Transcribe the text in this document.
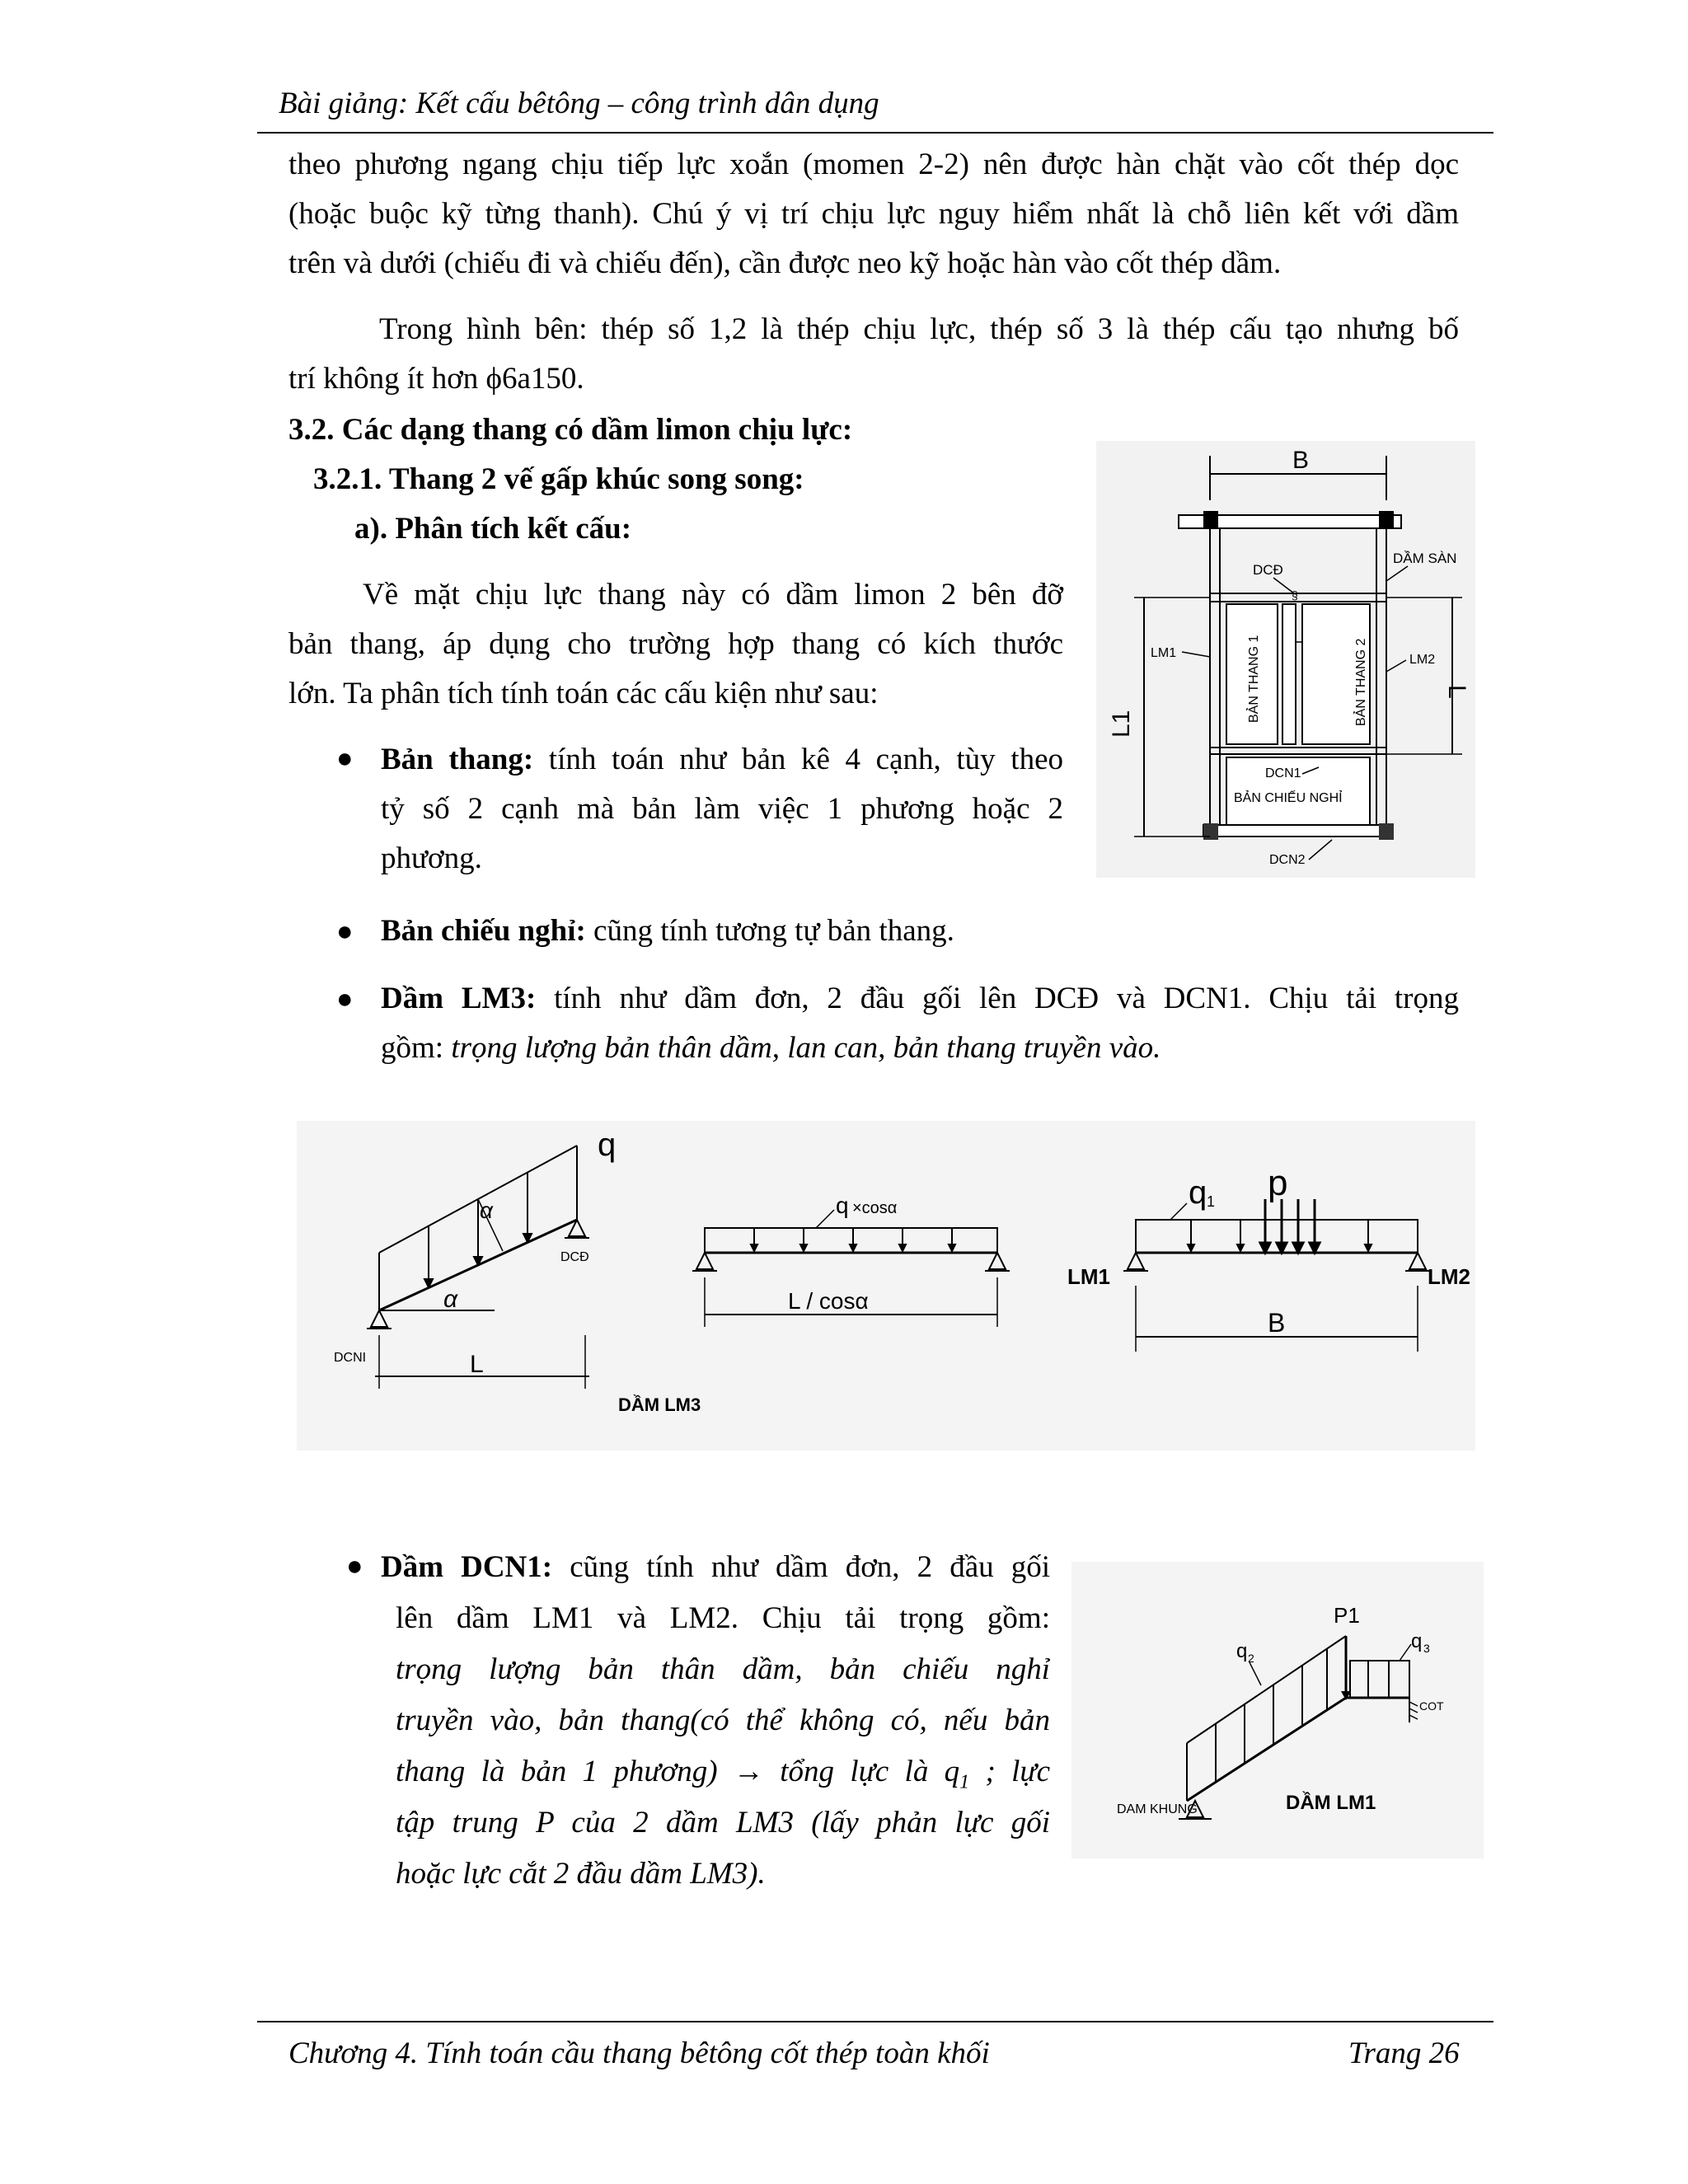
Bài giảng: Kết cấu bêtông – công trình dân dụng
theo phương ngang chịu tiếp lực xoắn (momen 2-2) nên được hàn chặt vào cốt thép dọc
(hoặc buộc kỹ từng thanh). Chú ý vị trí chịu lực nguy hiểm nhất là chỗ liên kết với dầm
trên và dưới (chiếu đi và chiếu đến), cần được neo kỹ hoặc hàn vào cốt thép dầm.
Trong hình bên: thép số 1,2 là thép chịu lực, thép số 3 là thép cấu tạo nhưng bố
trí không ít hơn ϕ6a150.
3.2. Các dạng thang có dầm limon chịu lực:
3.2.1. Thang 2 vế gấp khúc song song:
a). Phân tích kết cấu:
Về mặt chịu lực thang này có dầm limon 2 bên đỡ
bản thang, áp dụng cho trường hợp thang có kích thước
lớn. Ta phân tích tính toán các cấu kiện như sau:
● Bản thang: tính toán như bản kê 4 cạnh, tùy theo
tỷ số 2 cạnh mà bản làm việc 1 phương hoặc 2
phương.
● Bản chiếu nghỉ: cũng tính tương tự bản thang.
● Dầm LM3: tính như dầm đơn, 2 đầu gối lên DCĐ và DCN1. Chịu tải trọng
gồm: trọng lượng bản thân dầm, lan can, bản thang truyền vào.
B
DCĐ
§
DẦM SÀN
BẢN THANG 1	BẢN THANG 2
DCN1
BẢN CHIẾU NGHỈ
DCN2
LM1	LM2
L1
L
α
q
α
DCĐ
DCNI	L
DẦM LM3
q ×cosα
L / cosα
q 1 p
LM1	LM2
B
● Dầm DCN1: cũng tính như dầm đơn, 2 đầu gối
lên dầm LM1 và LM2. Chịu tải trọng gồm:
trọng lượng bản thân dầm, bản chiếu nghỉ
truyền vào, bản thang(có thể không có, nếu bản
thang là bản 1 phương) → tổng lực là $q_1$ ; lực
tập trung P của 2 dầm LM3 (lấy phản lực gối
hoặc lực cắt 2 đầu dầm LM3).
q 3
q 2
P1
COT
DAM KHUNG	DẦM LM1
Chương 4. Tính toán cầu thang bêtông cốt thép toàn khối	Trang 26
